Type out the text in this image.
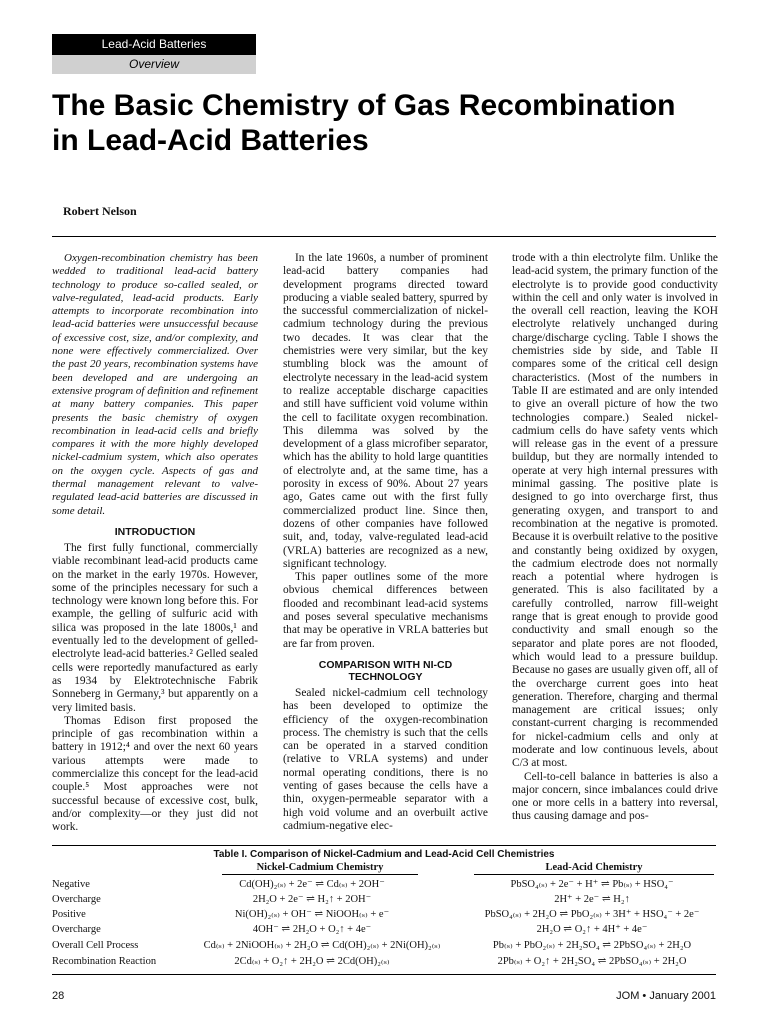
Lead-Acid Batteries
Overview
The Basic Chemistry of Gas Recombination in Lead-Acid Batteries
Robert Nelson

Oxygen-recombination chemistry has been wedded to traditional lead-acid battery technology to produce so-called sealed, or valve-regulated, lead-acid products. Early attempts to incorporate recombination into lead-acid batteries were unsuccessful because of excessive cost, size, and/or complexity, and none were effectively commercialized. Over the past 20 years, recombination systems have been developed and are undergoing an extensive program of definition and refinement at many battery companies. This paper presents the basic chemistry of oxygen recombination in lead-acid cells and briefly compares it with the more highly developed nickel-cadmium system, which also operates on the oxygen cycle. Aspects of gas and thermal management relevant to valve-regulated lead-acid batteries are discussed in some detail.

INTRODUCTION

The first fully functional, commercially viable recombinant lead-acid products came on the market in the early 1970s. However, some of the principles necessary for such a technology were known long before this. For example, the gelling of sulfuric acid with silica was proposed in the late 1800s,¹ and eventually led to the development of gelled-electrolyte lead-acid batteries.² Gelled sealed cells were reportedly manufactured as early as 1934 by Elektrotechnische Fabrik Sonneberg in Germany,³ but apparently on a very limited basis.

Thomas Edison first proposed the principle of gas recombination within a battery in 1912;⁴ and over the next 60 years various attempts were made to commercialize this concept for the lead-acid couple.⁵ Most approaches were not successful because of excessive cost, bulk, and/or complexity—or they just did not work.

In the late 1960s, a number of prominent lead-acid battery companies had development programs directed toward producing a viable sealed battery, spurred by the successful commercialization of nickel-cadmium technology during the previous two decades. It was clear that the chemistries were very similar, but the key stumbling block was the amount of electrolyte necessary in the lead-acid system to realize acceptable discharge capacities and still have sufficient void volume within the cell to facilitate oxygen recombination. This dilemma was solved by the development of a glass microfiber separator, which has the ability to hold large quantities of electrolyte and, at the same time, has a porosity in excess of 90%. About 27 years ago, Gates came out with the first fully commercialized product line. Since then, dozens of other companies have followed suit, and, today, valve-regulated lead-acid (VRLA) batteries are recognized as a new, significant technology.

This paper outlines some of the more obvious chemical differences between flooded and recombinant lead-acid systems and poses several speculative mechanisms that may be operative in VRLA batteries but are far from proven.

COMPARISON WITH NI-CD TECHNOLOGY

Sealed nickel-cadmium cell technology has been developed to optimize the efficiency of the oxygen-recombination process. The chemistry is such that the cells can be operated in a starved condition (relative to VRLA systems) and under normal operating conditions, there is no venting of gases because the cells have a thin, oxygen-permeable separator with a high void volume and an overbuilt active cadmium-negative elec-

trode with a thin electrolyte film. Unlike the lead-acid system, the primary function of the electrolyte is to provide good conductivity within the cell and only water is involved in the overall cell reaction, leaving the KOH electrolyte relatively unchanged during charge/discharge cycling. Table I shows the chemistries side by side, and Table II compares some of the critical cell design characteristics. (Most of the numbers in Table II are estimated and are only intended to give an overall picture of how the two technologies compare.) Sealed nickel-cadmium cells do have safety vents which will release gas in the event of a pressure buildup, but they are normally intended to operate at very high internal pressures with minimal gassing. The positive plate is designed to go into overcharge first, thus generating oxygen, and transport to and recombination at the negative is promoted. Because it is overbuilt relative to the positive and constantly being oxidized by oxygen, the cadmium electrode does not normally reach a potential where hydrogen is generated. This is also facilitated by a carefully controlled, narrow fill-weight range that is great enough to provide good conductivity and small enough so the separator and plate pores are not flooded, which would lead to a pressure buildup. Because no gases are usually given off, all of the overcharge current goes into heat generation. Therefore, charging and thermal management are critical issues; only constant-current charging is recommended for nickel-cadmium cells and only at moderate and low continuous levels, about C/3 at most.

Cell-to-cell balance in batteries is also a major concern, since imbalances could drive one or more cells in a battery into reversal, thus causing damage and pos-

Table I. Comparison of Nickel-Cadmium and Lead-Acid Cell Chemistries
Nickel-Cadmium Chemistry	Lead-Acid Chemistry
Negative	Cd(OH)₂₍ₛ₎ + 2e⁻ ⇌ Cd₍ₛ₎ + 2OH⁻	PbSO₄₍ₛ₎ + 2e⁻ + H⁺ ⇌ Pb₍ₛ₎ + HSO₄⁻
Overcharge	2H₂O + 2e⁻ ⇌ H₂↑ + 2OH⁻	2H⁺ + 2e⁻ ⇌ H₂↑
Positive	Ni(OH)₂₍ₛ₎ + OH⁻ ⇌ NiOOH₍ₛ₎ + e⁻	PbSO₄₍ₛ₎ + 2H₂O ⇌ PbO₂₍ₛ₎ + 3H⁺ + HSO₄⁻ + 2e⁻
Overcharge	4OH⁻ ⇌ 2H₂O + O₂↑ + 4e⁻	2H₂O ⇌ O₂↑ + 4H⁺ + 4e⁻
Overall Cell Process	Cd₍ₛ₎ + 2NiOOH₍ₛ₎ + 2H₂O ⇌ Cd(OH)₂₍ₛ₎ + 2Ni(OH)₂₍ₛ₎	Pb₍ₛ₎ + PbO₂₍ₛ₎ + 2H₂SO₄ ⇌ 2PbSO₄₍ₛ₎ + 2H₂O
Recombination Reaction	2Cd₍ₛ₎ + O₂↑ + 2H₂O ⇌ 2Cd(OH)₂₍ₛ₎	2Pb₍ₛ₎ + O₂↑ + 2H₂SO₄ ⇌ 2PbSO₄₍ₛ₎ + 2H₂O
28	JOM • January 2001
